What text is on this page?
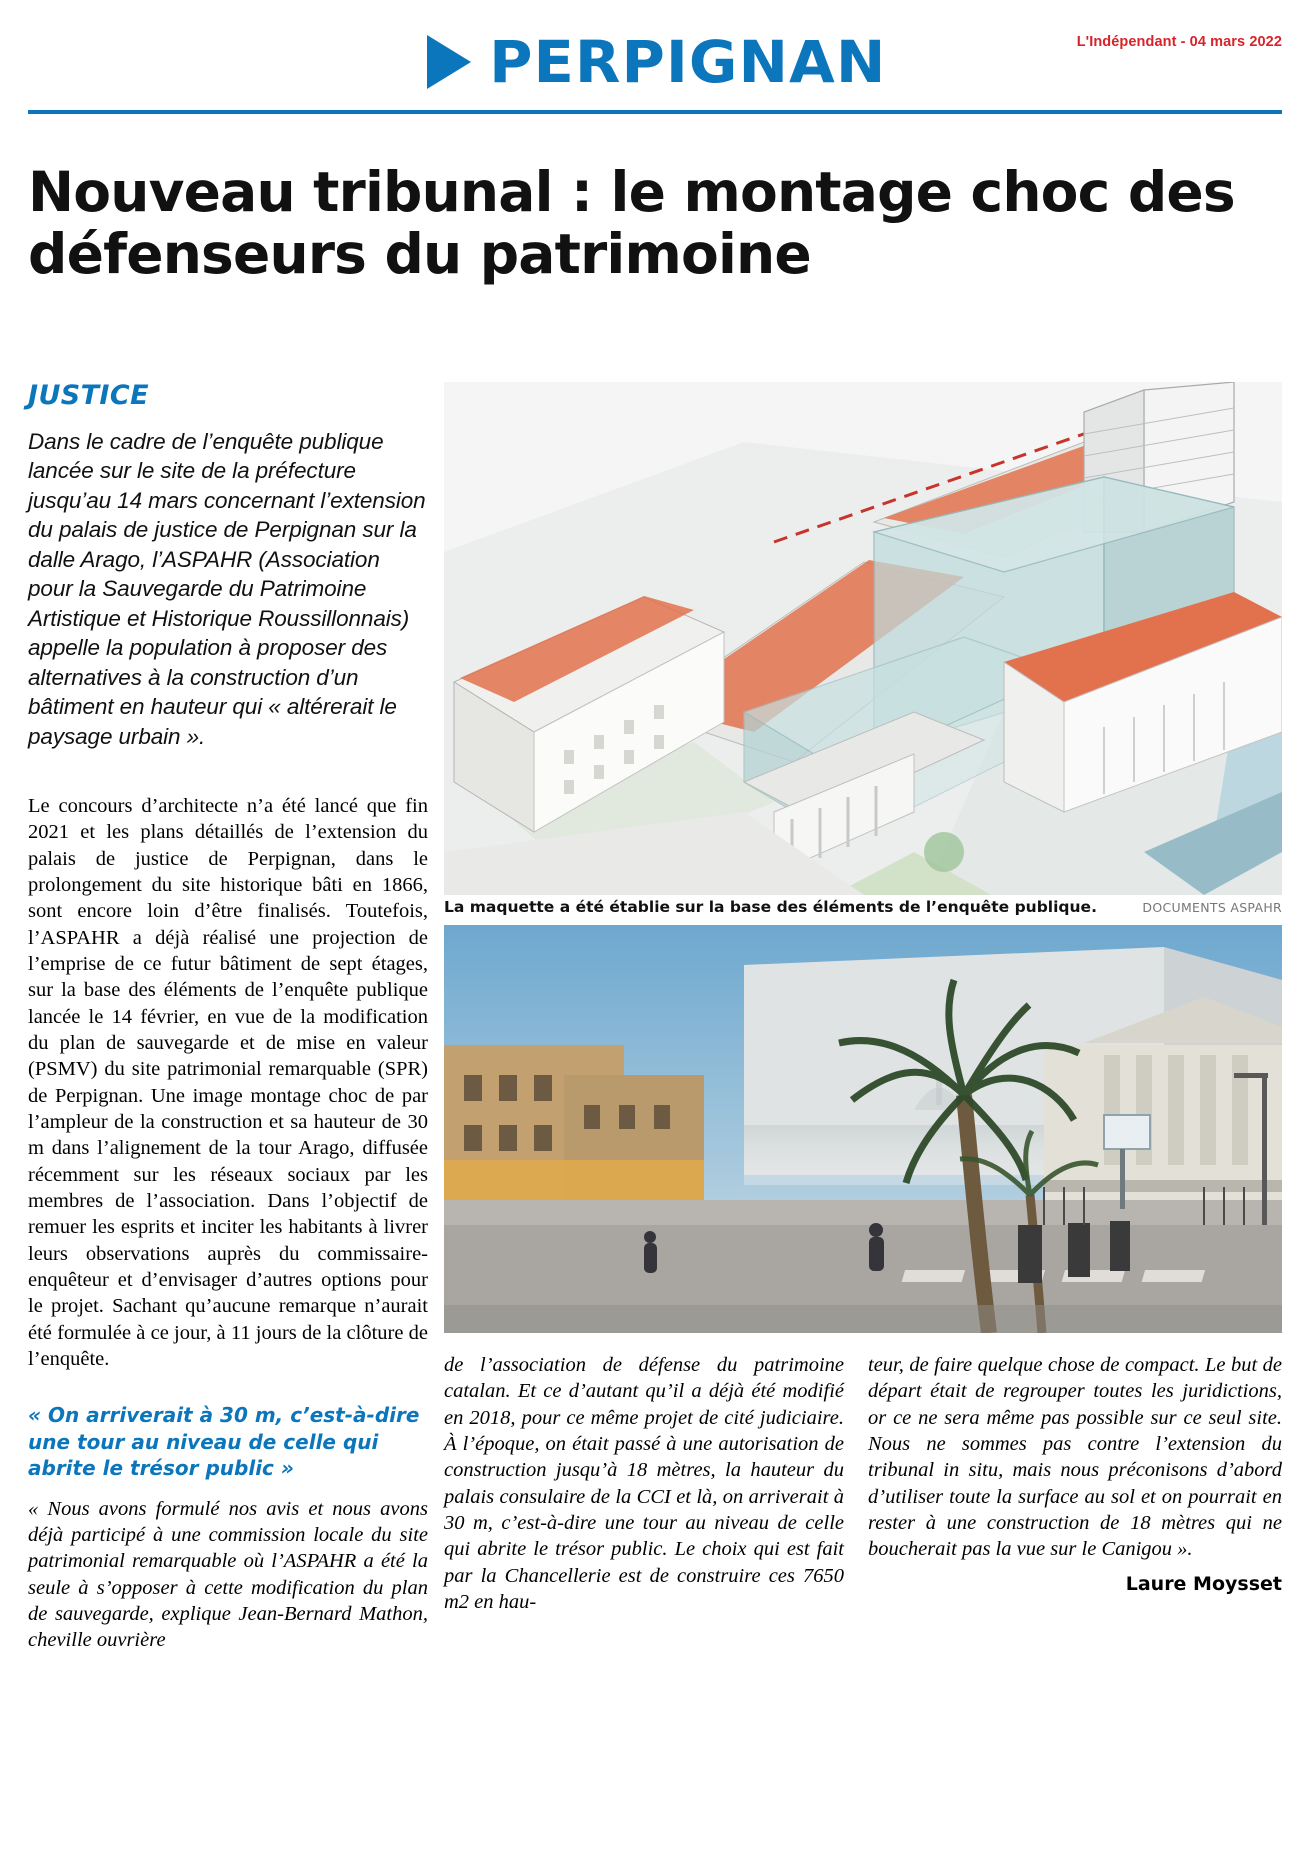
PERPIGNAN	L'Indépendant - 04 mars 2022
Nouveau tribunal : le montage choc des défenseurs du patrimoine
JUSTICE
Dans le cadre de l’enquête publique lancée sur le site de la préfecture jusqu’au 14 mars concernant l’extension du palais de justice de Perpignan sur la dalle Arago, l’ASPAHR (Association pour la Sauvegarde du Patrimoine Artistique et Historique Roussillonnais) appelle la population à proposer des alternatives à la construction d’un bâtiment en hauteur qui « altérerait le paysage urbain ».

Le concours d’architecte n’a été lancé que fin 2021 et les plans détaillés de l’extension du palais de justice de Perpignan, dans le prolongement du site historique bâti en 1866, sont encore loin d’être finalisés. Toutefois, l’ASPAHR a déjà réalisé une projection de l’emprise de ce futur bâtiment de sept étages, sur la base des éléments de l’enquête publique lancée le 14 février, en vue de la modification du plan de sauvegarde et de mise en valeur (PSMV) du site patrimonial remarquable (SPR) de Perpignan. Une image montage choc de par l’ampleur de la construction et sa hauteur de 30 m dans l’alignement de la tour Arago, diffusée récemment sur les réseaux sociaux par les membres de l’association. Dans l’objectif de remuer les esprits et inciter les habitants à livrer leurs observations auprès du commissaire-enquêteur et d’envisager d’autres options pour le projet. Sachant qu’aucune remarque n’aurait été formulée à ce jour, à 11 jours de la clôture de l’enquête.

« On arriverait à 30 m, c’est-à-dire une tour au niveau de celle qui abrite le trésor public »
« Nous avons formulé nos avis et nous avons déjà participé à une commission locale du site patrimonial remarquable où l’ASPAHR a été la seule à s’opposer à cette modification du plan de sauvegarde, explique Jean-Bernard Mathon, cheville ouvrière
La maquette a été établie sur la base des éléments de l’enquête publique.	DOCUMENTS ASPAHR
de l’association de défense du patrimoine catalan. Et ce d’autant qu’il a déjà été modifié en 2018, pour ce même projet de cité judiciaire. À l’époque, on était passé à une autorisation de construction jusqu’à 18 mètres, la hauteur du palais consulaire de la CCI et là, on arriverait à 30 m, c’est-à-dire une tour au niveau de celle qui abrite le trésor public. Le choix qui est fait par la Chancellerie est de construire ces 7650 m2 en hau-
teur, de faire quelque chose de compact. Le but de départ était de regrouper toutes les juridictions, or ce ne sera même pas possible sur ce seul site. Nous ne sommes pas contre l’extension du tribunal in situ, mais nous préconisons d’abord d’utiliser toute la surface au sol et on pourrait en rester à une construction de 18 mètres qui ne boucherait pas la vue sur le Canigou ».
Laure Moysset
